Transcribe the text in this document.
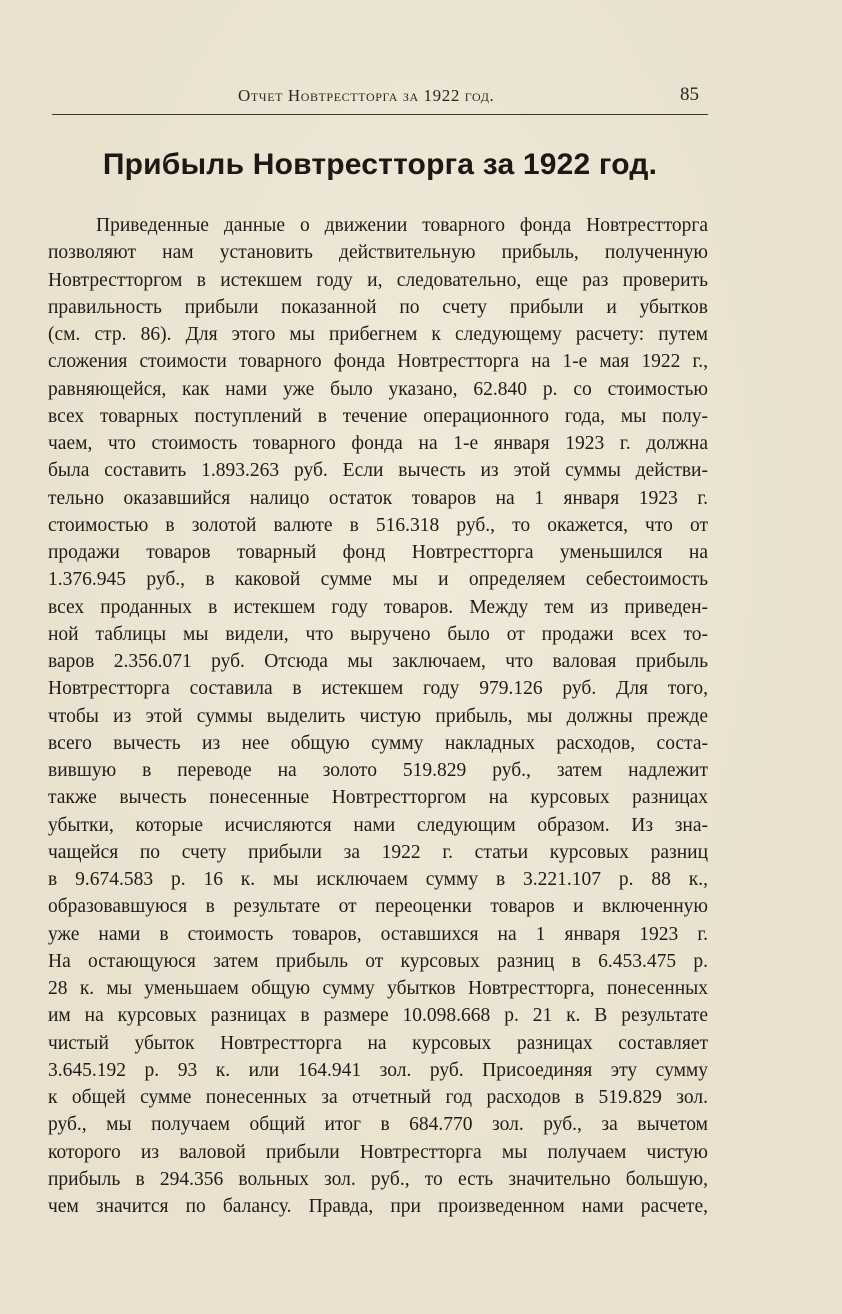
Отчет Новтрестторга за 1922 год.	85
Прибыль Новтрестторга за 1922 год.
Приведенные данные о движении товарного фонда Новтрестторга
позволяют нам установить действительную прибыль, полученную
Новтрестторгом в истекшем году и, следовательно, еще раз проверить
правильность прибыли показанной по счету прибыли и убытков
(см. стр. 86). Для этого мы прибегнем к следующему расчету: путем
сложения стоимости товарного фонда Новтрестторга на 1-е мая 1922 г.,
равняющейся, как нами уже было указано, 62.840 р. со стоимостью
всех товарных поступлений в течение операционного года, мы полу-
чаем, что стоимость товарного фонда на 1-е января 1923 г. должна
была составить 1.893.263 руб. Если вычесть из этой суммы действи-
тельно оказавшийся налицо остаток товаров на 1 января 1923 г.
стоимостью в золотой валюте в 516.318 руб., то окажется, что от
продажи товаров товарный фонд Новтрестторга уменьшился на
1.376.945 руб., в каковой сумме мы и определяем себестоимость
всех проданных в истекшем году товаров. Между тем из приведен-
ной таблицы мы видели, что выручено было от продажи всех то-
варов 2.356.071 руб. Отсюда мы заключаем, что валовая прибыль
Новтрестторга составила в истекшем году 979.126 руб. Для того,
чтобы из этой суммы выделить чистую прибыль, мы должны прежде
всего вычесть из нее общую сумму накладных расходов, соста-
вившую в переводе на золото 519.829 руб., затем надлежит
также вычесть понесенные Новтрестторгом на курсовых разницах
убытки, которые исчисляются нами следующим образом. Из зна-
чащейся по счету прибыли за 1922 г. статьи курсовых разниц
в 9.674.583 р. 16 к. мы исключаем сумму в 3.221.107 р. 88 к.,
образовавшуюся в результате от переоценки товаров и включенную
уже нами в стоимость товаров, оставшихся на 1 января 1923 г.
На остающуюся затем прибыль от курсовых разниц в 6.453.475 р.
28 к. мы уменьшаем общую сумму убытков Новтрестторга, понесенных
им на курсовых разницах в размере 10.098.668 р. 21 к. В результате
чистый убыток Новтрестторга на курсовых разницах составляет
3.645.192 р. 93 к. или 164.941 зол. руб. Присоединяя эту сумму
к общей сумме понесенных за отчетный год расходов в 519.829 зол.
руб., мы получаем общий итог в 684.770 зол. руб., за вычетом
которого из валовой прибыли Новтрестторга мы получаем чистую
прибыль в 294.356 вольных зол. руб., то есть значительно большую,
чем значится по балансу. Правда, при произведенном нами расчете,
